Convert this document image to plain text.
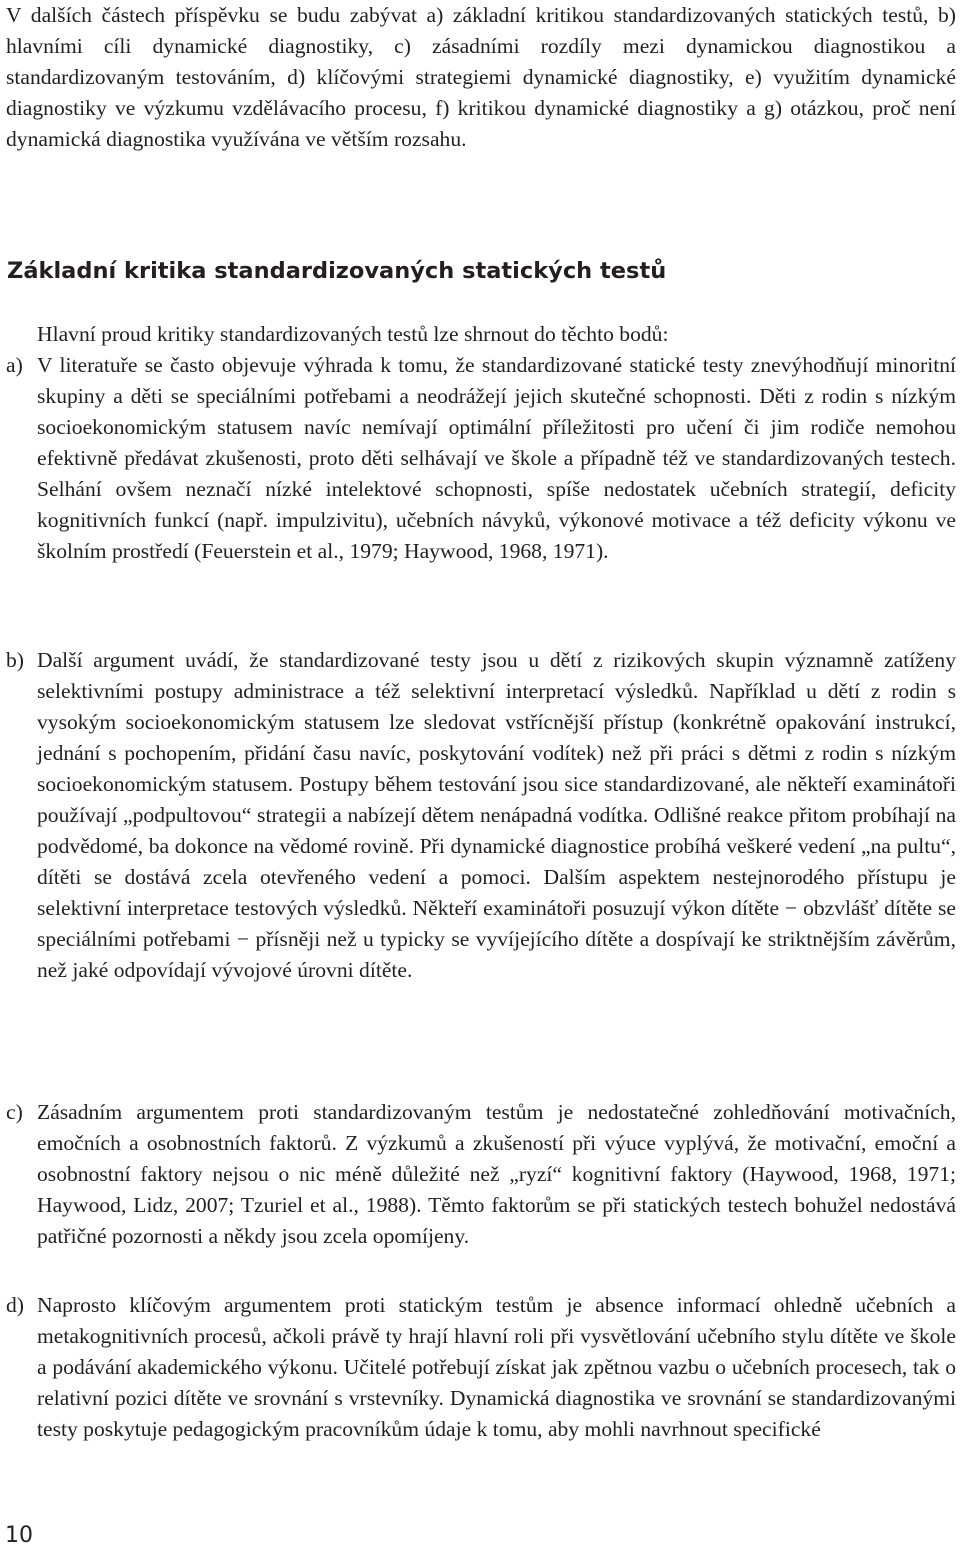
V dalších částech příspěvku se budu zabývat a) základní kritikou standardizovaných statických testů, b) hlavními cíli dynamické diagnostiky, c) zásadními rozdíly mezi dynamickou diagnostikou a standardizovaným testováním, d) klíčovými strategiemi dynamické diagnostiky, e) využitím dynamické diagnostiky ve výzkumu vzdělávacího procesu, f) kritikou dynamické diagnostiky a g) otázkou, proč není dynamická diagnostika využívána ve větším rozsahu.

Základní kritika standardizovaných statických testů

Hlavní proud kritiky standardizovaných testů lze shrnout do těchto bodů:

a) V literatuře se často objevuje výhrada k tomu, že standardizované statické testy znevýhodňují minoritní skupiny a děti se speciálními potřebami a neodrážejí jejich skutečné schopnosti. Děti z rodin s nízkým socioekonomickým statusem navíc nemívají optimální příležitosti pro učení či jim rodiče nemohou efektivně předávat zkušenosti, proto děti selhávají ve škole a případně též ve standardizovaných testech. Selhání ovšem neznačí nízké intelektové schopnosti, spíše nedostatek učebních strategií, deficity kognitivních funkcí (např. impulzivitu), učebních návyků, výkonové motivace a též deficity výkonu ve školním prostředí (Feuerstein et al., 1979; Haywood, 1968, 1971).
b) Další argument uvádí, že standardizované testy jsou u dětí z rizikových skupin významně zatíženy selektivními postupy administrace a též selektivní interpretací výsledků. Například u dětí z rodin s vysokým socioekonomickým statusem lze sledovat vstřícnější přístup (konkrétně opakování instrukcí, jednání s pochopením, přidání času navíc, poskytování vodítek) než při práci s dětmi z rodin s nízkým socioekonomickým statusem. Postupy během testování jsou sice standardizované, ale někteří examinátoři používají „podpultovou“ strategii a nabízejí dětem nenápadná vodítka. Odlišné reakce přitom probíhají na podvědomé, ba dokonce na vědomé rovině. Při dynamické diagnostice probíhá veškeré vedení „na pultu“, dítěti se dostává zcela otevřeného vedení a pomoci. Dalším aspektem nestejnorodého přístupu je selektivní interpretace testových výsledků. Někteří examinátoři posuzují výkon dítěte − obzvlášť dítěte se speciálními potřebami − přísněji než u typicky se vyvíjejícího dítěte a dospívají ke striktnějším závěrům, než jaké odpovídají vývojové úrovni dítěte.
c) Zásadním argumentem proti standardizovaným testům je nedostatečné zohledňování motivačních, emočních a osobnostních faktorů. Z výzkumů a zkušeností při výuce vyplývá, že motivační, emoční a osobnostní faktory nejsou o nic méně důležité než „ryzí“ kognitivní faktory (Haywood, 1968, 1971; Haywood, Lidz, 2007; Tzuriel et al., 1988). Těmto faktorům se při statických testech bohužel nedostává patřičné pozornosti a někdy jsou zcela opomíjeny.
d) Naprosto klíčovým argumentem proti statickým testům je absence informací ohledně učebních a metakognitivních procesů, ačkoli právě ty hrají hlavní roli při vysvětlování učebního stylu dítěte ve škole a podávání akademického výkonu. Učitelé potřebují získat jak zpětnou vazbu o učebních procesech, tak o relativní pozici dítěte ve srovnání s vrstevníky. Dynamická diagnostika ve srovnání se standardizovanými testy poskytuje pedagogickým pracovníkům údaje k tomu, aby mohli navrhnout specifické
10
